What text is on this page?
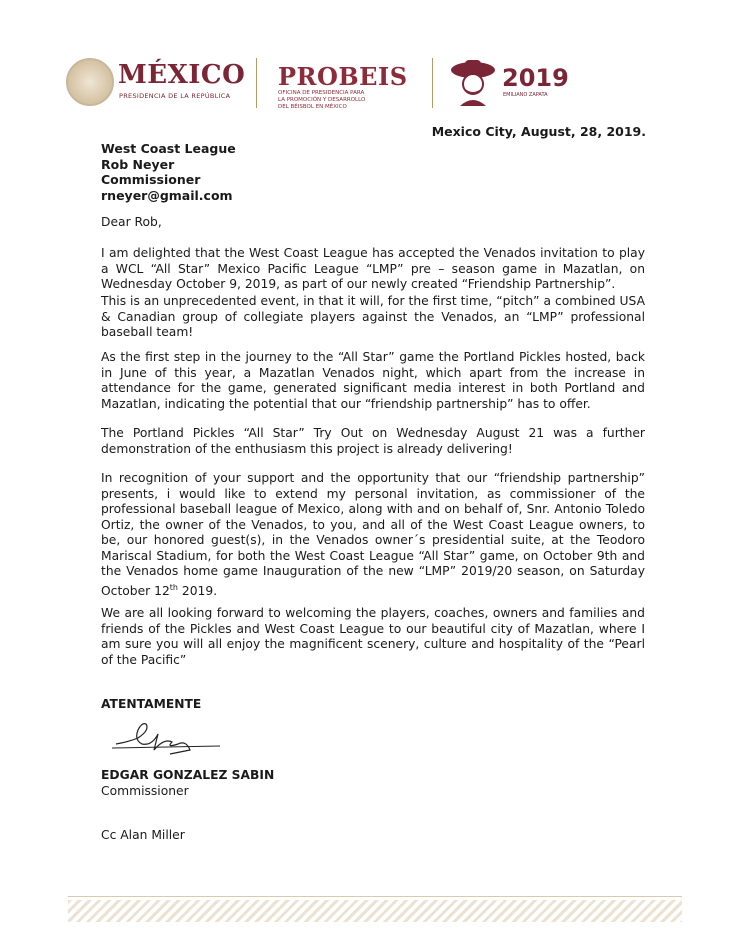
MÉXICO
PRESIDENCIA DE LA REPÚBLICA
PROBEIS
OFICINA DE PRESIDENCIA PARA
LA PROMOCIÓN Y DESARROLLO
DEL BÉISBOL EN MÉXICO
2019
EMILIANO ZAPATA
Mexico City, August, 28, 2019.
West Coast League
Rob Neyer
Commissioner
rneyer@gmail.com
Dear Rob,
I am delighted that the West Coast League has accepted the Venados invitation to play a WCL “All Star” Mexico Pacific League “LMP” pre – season game in Mazatlan, on Wednesday October 9, 2019, as part of our newly created “Friendship Partnership”.
This is an unprecedented event, in that it will, for the first time, “pitch” a combined USA & Canadian group of collegiate players against the Venados, an “LMP” professional baseball team!
As the first step in the journey to the “All Star” game the Portland Pickles hosted, back in June of this year, a Mazatlan Venados night, which apart from the increase in attendance for the game, generated significant media interest in both Portland and Mazatlan, indicating the potential that our “friendship partnership” has to offer.
The Portland Pickles “All Star” Try Out on Wednesday August 21 was a further demonstration of the enthusiasm this project is already delivering!
In recognition of your support and the opportunity that our “friendship partnership” presents, i would like to extend my personal invitation, as commissioner of the professional baseball league of Mexico, along with and on behalf of, Snr. Antonio Toledo Ortiz, the owner of the Venados, to you, and all of the West Coast League owners, to be, our honored guest(s), in the Venados owner´s presidential suite, at the Teodoro Mariscal Stadium, for both the West Coast League “All Star” game, on October 9th and the Venados home game Inauguration of the new “LMP” 2019/20 season, on Saturday October 12th 2019.
We are all looking forward to welcoming the players, coaches, owners and families and friends of the Pickles and West Coast League to our beautiful city of Mazatlan, where I am sure you will all enjoy the magnificent scenery, culture and hospitality of the “Pearl of the Pacific”
ATENTAMENTE
EDGAR GONZALEZ SABIN
Commissioner
Cc Alan Miller
